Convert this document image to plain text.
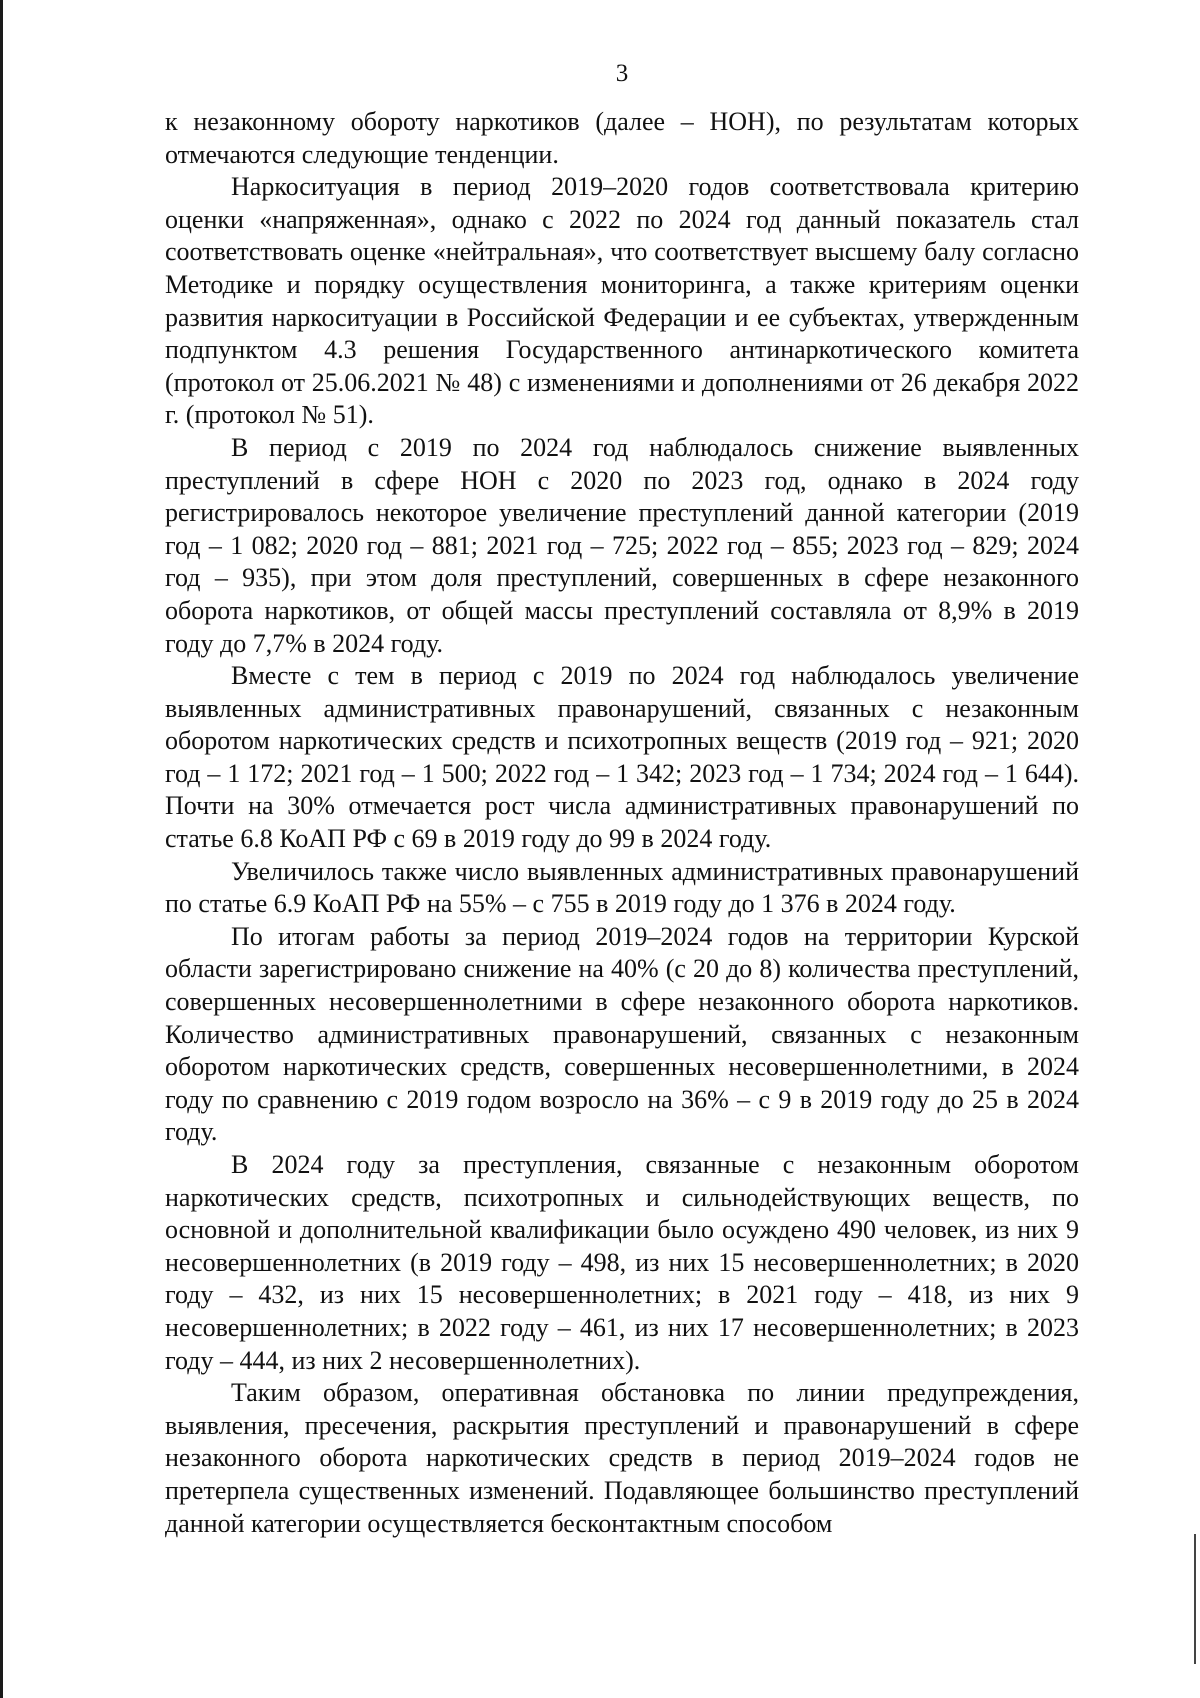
3

к незаконному обороту наркотиков (далее – НОН), по результатам которых отмечаются следующие тенденции.

Наркоситуация в период 2019–2020 годов соответствовала критерию оценки «напряженная», однако с 2022 по 2024 год данный показатель стал соответствовать оценке «нейтральная», что соответствует высшему балу согласно Методике и порядку осуществления мониторинга, а также критериям оценки развития наркоситуации в Российской Федерации и ее субъектах, утвержденным подпунктом 4.3 решения Государственного антинаркотического комитета (протокол от 25.06.2021 № 48) с изменениями и дополнениями от 26 декабря 2022 г. (протокол № 51).

В период с 2019 по 2024 год наблюдалось снижение выявленных преступлений в сфере НОН с 2020 по 2023 год, однако в 2024 году регистрировалось некоторое увеличение преступлений данной категории (2019 год – 1 082; 2020 год – 881; 2021 год – 725; 2022 год – 855; 2023 год – 829; 2024 год – 935), при этом доля преступлений, совершенных в сфере незаконного оборота наркотиков, от общей массы преступлений составляла от 8,9% в 2019 году до 7,7% в 2024 году.

Вместе с тем в период с 2019 по 2024 год наблюдалось увеличение выявленных административных правонарушений, связанных с незаконным оборотом наркотических средств и психотропных веществ (2019 год – 921; 2020 год – 1 172; 2021 год – 1 500; 2022 год – 1 342; 2023 год – 1 734; 2024 год – 1 644). Почти на 30% отмечается рост числа административных правонарушений по статье 6.8 КоАП РФ с 69 в 2019 году до 99 в 2024 году.

Увеличилось также число выявленных административных правонарушений по статье 6.9 КоАП РФ на 55% – с 755 в 2019 году до 1 376 в 2024 году.

По итогам работы за период 2019–2024 годов на территории Курской области зарегистрировано снижение на 40% (с 20 до 8) количества преступлений, совершенных несовершеннолетними в сфере незаконного оборота наркотиков. Количество административных правонарушений, связанных с незаконным оборотом наркотических средств, совершенных несовершеннолетними, в 2024 году по сравнению с 2019 годом возросло на 36% – с 9 в 2019 году до 25 в 2024 году.

В 2024 году за преступления, связанные с незаконным оборотом наркотических средств, психотропных и сильнодействующих веществ, по основной и дополнительной квалификации было осуждено 490 человек, из них 9 несовершеннолетних (в 2019 году – 498, из них 15 несовершеннолетних; в 2020 году – 432, из них 15 несовершеннолетних; в 2021 году – 418, из них 9 несовершеннолетних; в 2022 году – 461, из них 17 несовершеннолетних; в 2023 году – 444, из них 2 несовершеннолетних).

Таким образом, оперативная обстановка по линии предупреждения, выявления, пресечения, раскрытия преступлений и правонарушений в сфере незаконного оборота наркотических средств в период 2019–2024 годов не претерпела существенных изменений. Подавляющее большинство преступлений данной категории осуществляется бесконтактным способом
